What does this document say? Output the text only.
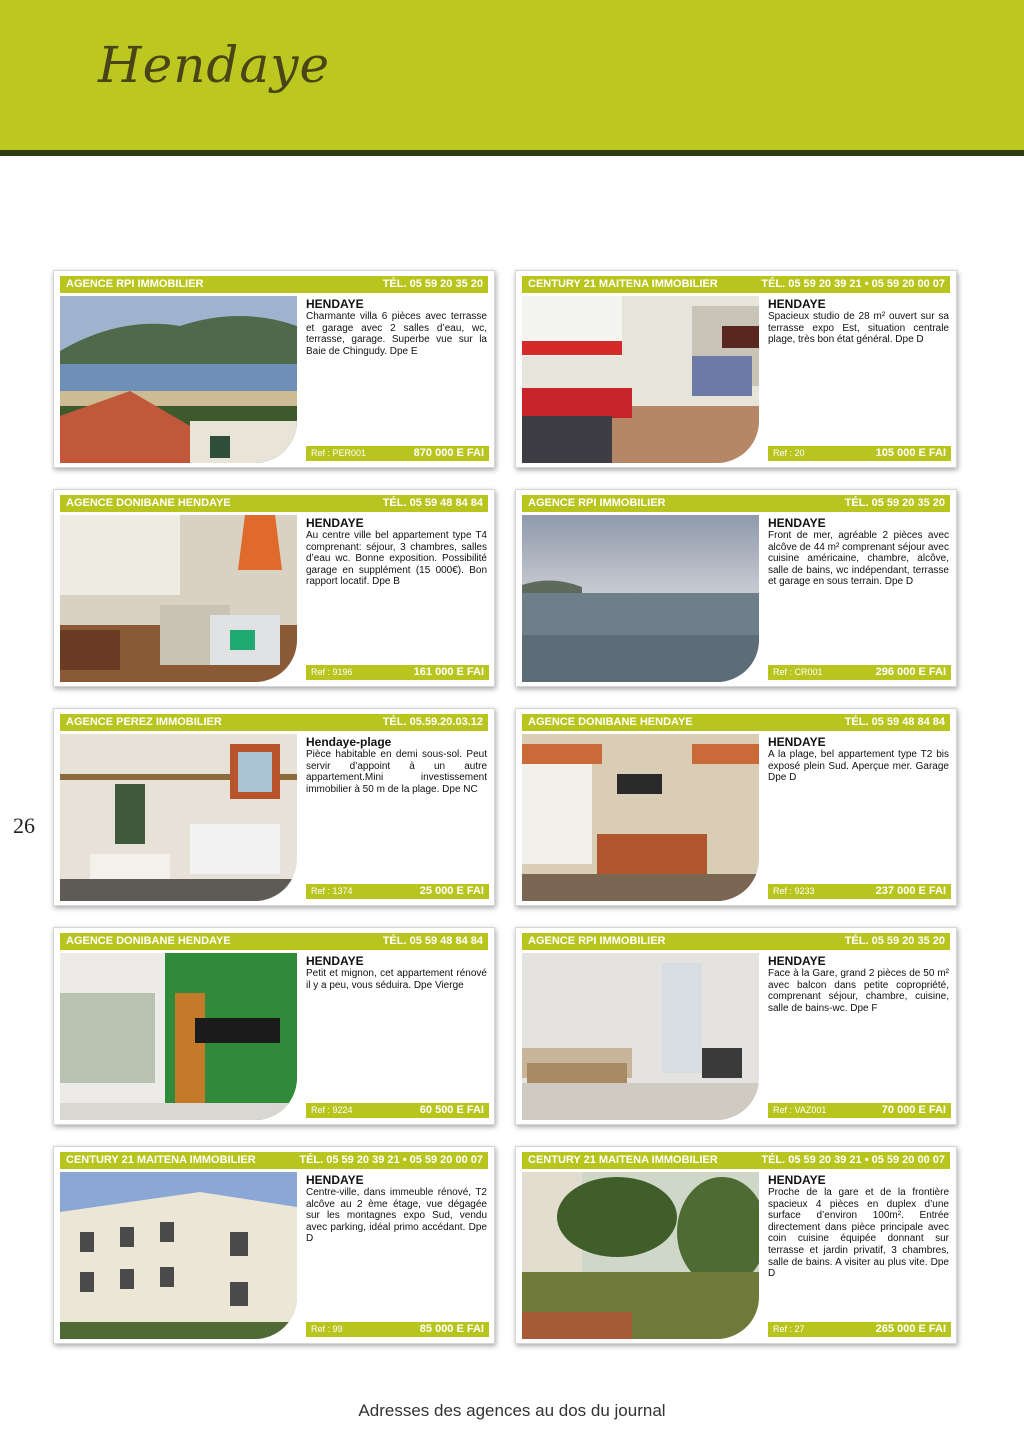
Hendaye
26
AGENCE RPI IMMOBILIER	TÉL. 05 59 20 35 20
HENDAYE
Charmante villa 6 pièces avec terrasse et garage avec 2 salles d’eau, wc, terrasse, garage. Superbe vue sur la Baie de Chingudy. Dpe E
Ref : PER001	870 000 E FAI
CENTURY 21 MAITENA IMMOBILIER	TÉL. 05 59 20 39 21 • 05 59 20 00 07
HENDAYE
Spacieux studio de 28 m² ouvert sur sa terrasse expo Est, situation centrale plage, très bon état général. Dpe D
Ref : 20	105 000 E FAI
AGENCE DONIBANE HENDAYE	TÉL. 05 59 48 84 84
HENDAYE
Au centre ville bel appartement type T4 comprenant: séjour, 3 chambres, salles d’eau wc. Bonne exposition. Possibilité garage en supplément (15 000€). Bon rapport locatif. Dpe B
Ref : 9196	161 000 E FAI
AGENCE RPI IMMOBILIER	TÉL. 05 59 20 35 20
HENDAYE
Front de mer, agréable 2 pièces avec alcôve de 44 m² comprenant séjour avec cuisine américaine, chambre, alcôve, salle de bains, wc indépendant, terrasse et garage en sous terrain. Dpe D
Ref : CR001	296 000 E FAI
AGENCE PEREZ IMMOBILIER	TÉL. 05.59.20.03.12
Hendaye-plage
Pièce habitable en demi sous-sol. Peut servir d’appoint à un autre appartement.Mini investissement immobilier à 50 m de la plage. Dpe NC
Ref : 1374	25 000 E FAI
AGENCE DONIBANE HENDAYE	TÉL. 05 59 48 84 84
HENDAYE
A la plage, bel appartement type T2 bis exposé plein Sud. Aperçue mer. Garage Dpe D
Ref : 9233	237 000 E FAI
AGENCE DONIBANE HENDAYE	TÉL. 05 59 48 84 84
HENDAYE
Petit et mignon, cet appartement rénové il y a peu, vous séduira. Dpe Vierge
Ref : 9224	60 500 E FAI
AGENCE RPI IMMOBILIER	TÉL. 05 59 20 35 20
HENDAYE
Face à la Gare, grand 2 pièces de 50 m² avec balcon dans petite copropriété, comprenant séjour, chambre, cuisine, salle de bains-wc. Dpe F
Ref : VAZ001	70 000 E FAI
CENTURY 21 MAITENA IMMOBILIER	TÉL. 05 59 20 39 21 • 05 59 20 00 07
HENDAYE
Centre-ville, dans immeuble rénové, T2 alcôve au 2 ème étage, vue dégagée sur les montagnes expo Sud, vendu avec parking, idéal primo accédant. Dpe D
Ref : 99	85 000 E FAI
CENTURY 21 MAITENA IMMOBILIER	TÉL. 05 59 20 39 21 • 05 59 20 00 07
HENDAYE
Proche de la gare et de la frontière spacieux 4 pièces en duplex d’une surface d’environ 100m². Entrée directement dans pièce principale avec coin cuisine équipée donnant sur terrasse et jardin privatif, 3 chambres, salle de bains. A visiter au plus vite. Dpe D
Ref : 27	265 000 E FAI
Adresses des agences au dos du journal
